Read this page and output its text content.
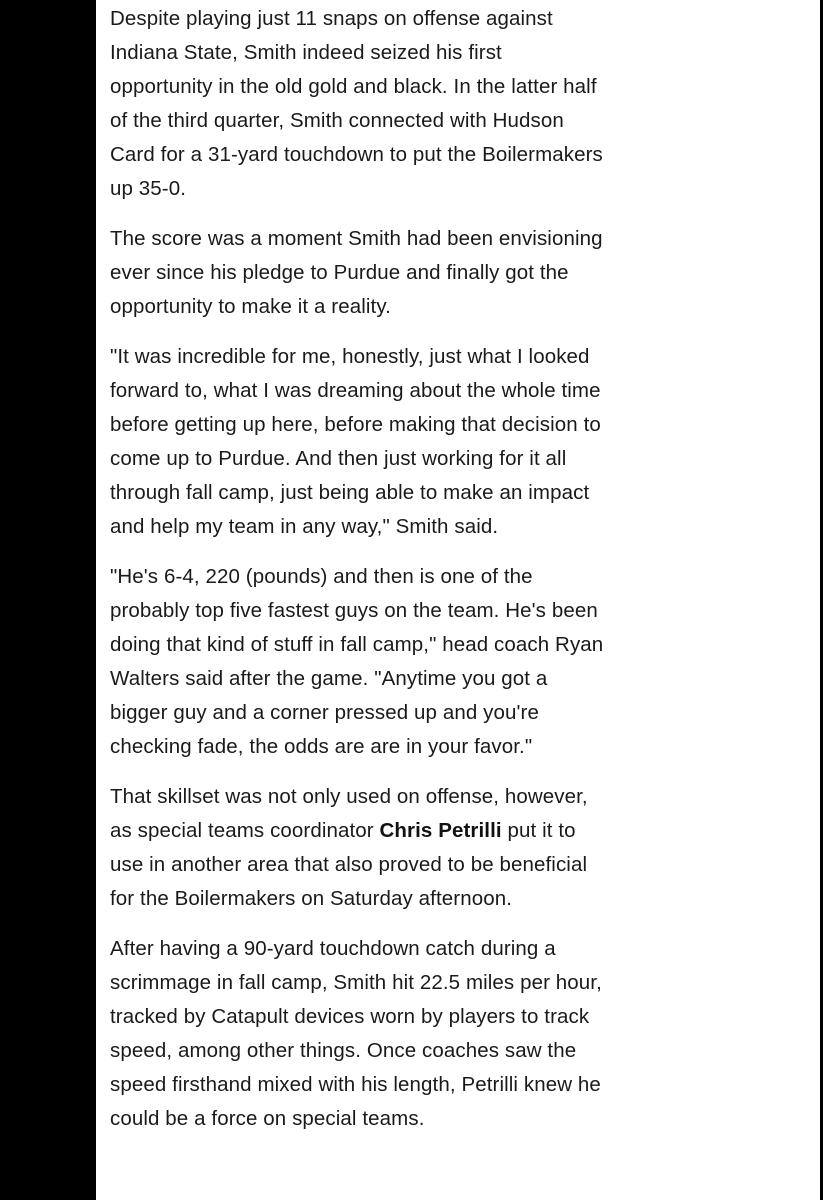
Despite playing just 11 snaps on offense against Indiana State, Smith indeed seized his first opportunity in the old gold and black. In the latter half of the third quarter, Smith connected with Hudson Card for a 31-yard touchdown to put the Boilermakers up 35-0.

The score was a moment Smith had been envisioning ever since his pledge to Purdue and finally got the opportunity to make it a reality.

"It was incredible for me, honestly, just what I looked forward to, what I was dreaming about the whole time before getting up here, before making that decision to come up to Purdue. And then just working for it all through fall camp, just being able to make an impact and help my team in any way," Smith said.

"He's 6-4, 220 (pounds) and then is one of the probably top five fastest guys on the team. He's been doing that kind of stuff in fall camp," head coach Ryan Walters said after the game. "Anytime you got a bigger guy and a corner pressed up and you're checking fade, the odds are are in your favor."

That skillset was not only used on offense, however, as special teams coordinator Chris Petrilli put it to use in another area that also proved to be beneficial for the Boilermakers on Saturday afternoon.

After having a 90-yard touchdown catch during a scrimmage in fall camp, Smith hit 22.5 miles per hour, tracked by Catapult devices worn by players to track speed, among other things. Once coaches saw the speed firsthand mixed with his length, Petrilli knew he could be a force on special teams.
